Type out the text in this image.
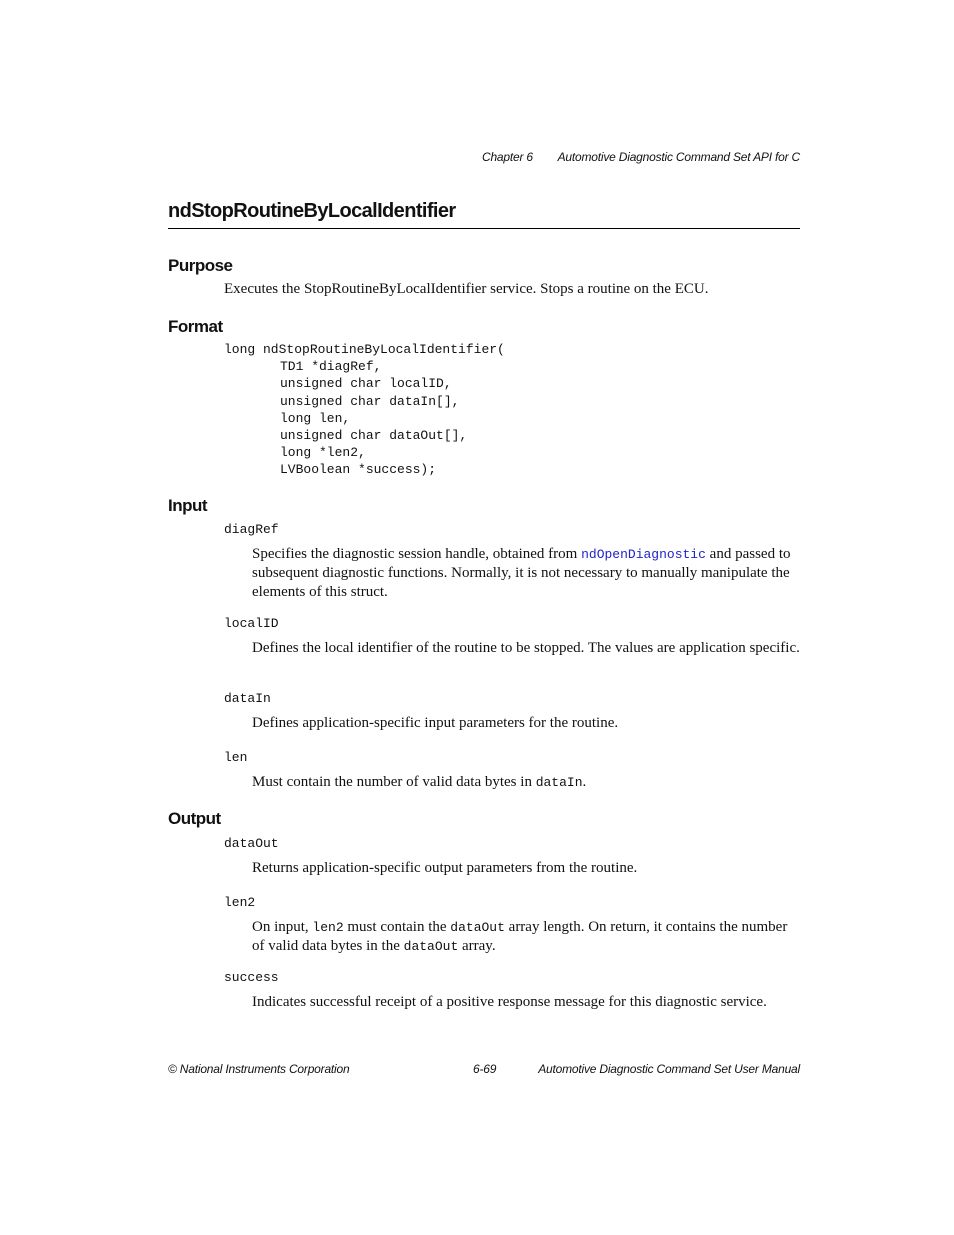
Chapter 6 Automotive Diagnostic Command Set API for C
ndStopRoutineByLocalIdentifier
Purpose
Executes the StopRoutineByLocalIdentifier service. Stops a routine on the ECU.
Format
long ndStopRoutineByLocalIdentifier(

TD1 *diagRef,
unsigned char localID,
unsigned char dataIn[],
long len,
unsigned char dataOut[],
long *len2,
LVBoolean *success);
Input
diagRef
Specifies the diagnostic session handle, obtained from ndOpenDiagnostic and passed to subsequent diagnostic functions. Normally, it is not necessary to manually manipulate the elements of this struct.
localID
Defines the local identifier of the routine to be stopped. The values are application specific.
dataIn
Defines application-specific input parameters for the routine.
len
Must contain the number of valid data bytes in dataIn.
Output
dataOut
Returns application-specific output parameters from the routine.
len2
On input, len2 must contain the dataOut array length. On return, it contains the number of valid data bytes in the dataOut array.
success
Indicates successful receipt of a positive response message for this diagnostic service.
© National Instruments Corporation	6-69	Automotive Diagnostic Command Set User Manual
